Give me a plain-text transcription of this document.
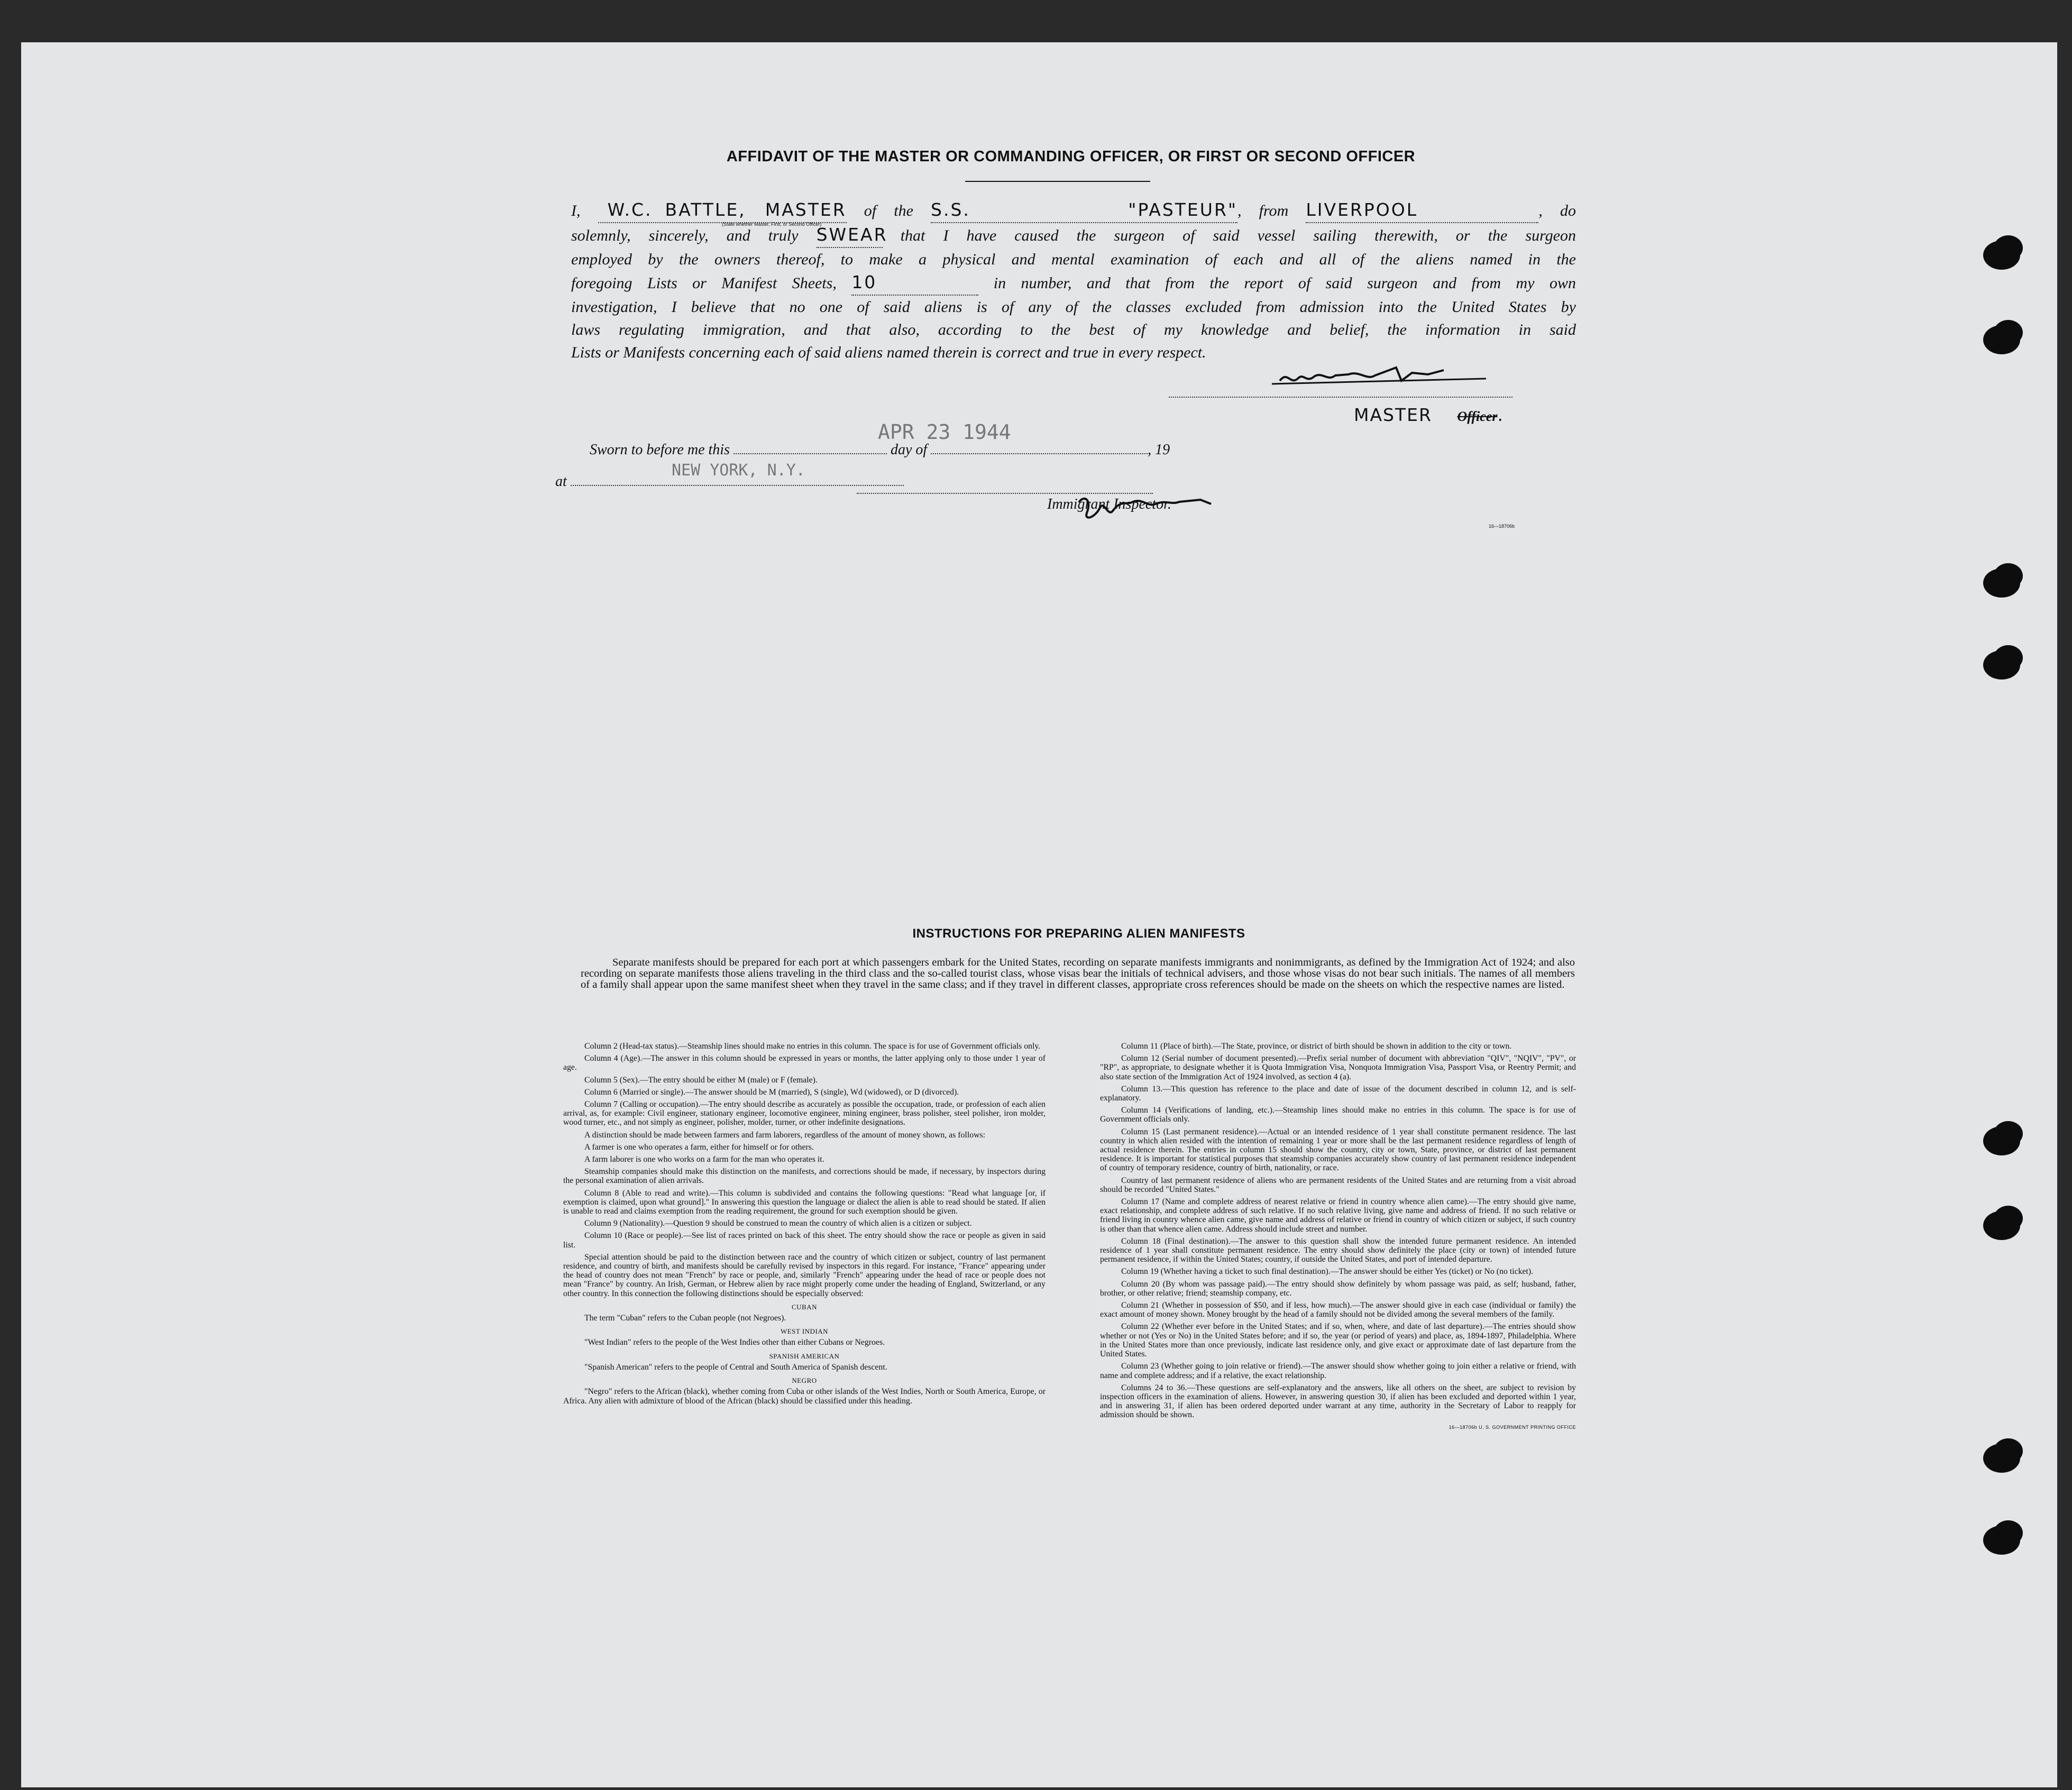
AFFIDAVIT OF THE MASTER OR COMMANDING OFFICER, OR FIRST OR SECOND OFFICER

I, W.C. BATTLE, MASTER of the S.S. "PASTEUR", from LIVERPOOL	, do

solemnly, sincerely, and truly SWEAR that I have caused the surgeon of said vessel sailing therewith, or the surgeon

employed by the owners thereof, to make a physical and mental examination of each and all of the aliens named in the

foregoing Lists or Manifest Sheets, 10	in number, and that from the report of said surgeon and from my own

investigation, I believe that no one of said aliens is of any of the classes excluded from admission into the United States by

laws regulating immigration, and that also, according to the best of my knowledge and belief, the information in said

Lists or Manifests concerning each of said aliens named therein is correct and true in every respect.

(State whether Master, First, or Second Officer)
MASTER Officer.
Sworn to before me this	day of	, 19
at
APR 23 1944
NEW YORK, N.Y.
Immigrant Inspector.
16—18706b
INSTRUCTIONS FOR PREPARING ALIEN MANIFESTS

Separate manifests should be prepared for each port at which passengers embark for the United States, recording on separate manifests immigrants and nonimmigrants, as defined by the Immigration Act of 1924; and also recording on separate manifests those aliens traveling in the third class and the so-called tourist class, whose visas bear the initials of technical advisers, and those whose visas do not bear such initials. The names of all members of a family shall appear upon the same manifest sheet when they travel in the same class; and if they travel in different classes, appropriate cross references should be made on the sheets on which the respective names are listed.

Column 2 (Head-tax status).—Steamship lines should make no entries in this column. The space is for use of Government officials only.

Column 4 (Age).—The answer in this column should be expressed in years or months, the latter applying only to those under 1 year of age.

Column 5 (Sex).—The entry should be either M (male) or F (female).

Column 6 (Married or single).—The answer should be M (married), S (single), Wd (widowed), or D (divorced).

Column 7 (Calling or occupation).—The entry should describe as accurately as possible the occupation, trade, or profession of each alien arrival, as, for example: Civil engineer, stationary engineer, locomotive engineer, mining engineer, brass polisher, steel polisher, iron molder, wood turner, etc., and not simply as engineer, polisher, molder, turner, or other indefinite designations.

A distinction should be made between farmers and farm laborers, regardless of the amount of money shown, as follows:

A farmer is one who operates a farm, either for himself or for others.

A farm laborer is one who works on a farm for the man who operates it.

Steamship companies should make this distinction on the manifests, and corrections should be made, if necessary, by inspectors during the personal examination of alien arrivals.

Column 8 (Able to read and write).—This column is subdivided and contains the following questions: "Read what language [or, if exemption is claimed, upon what ground]." In answering this question the language or dialect the alien is able to read should be stated. If alien is unable to read and claims exemption from the reading requirement, the ground for such exemption should be given.

Column 9 (Nationality).—Question 9 should be construed to mean the country of which alien is a citizen or subject.

Column 10 (Race or people).—See list of races printed on back of this sheet. The entry should show the race or people as given in said list.

Special attention should be paid to the distinction between race and the country of which citizen or subject, country of last permanent residence, and country of birth, and manifests should be carefully revised by inspectors in this regard. For instance, "France" appearing under the head of country does not mean "French" by race or people, and, similarly "French" appearing under the head of race or people does not mean "France" by country. An Irish, German, or Hebrew alien by race might properly come under the heading of England, Switzerland, or any other country. In this connection the following distinctions should be especially observed:

CUBAN

The term "Cuban" refers to the Cuban people (not Negroes).

WEST INDIAN

"West Indian" refers to the people of the West Indies other than either Cubans or Negroes.

SPANISH AMERICAN

"Spanish American" refers to the people of Central and South America of Spanish descent.

NEGRO

"Negro" refers to the African (black), whether coming from Cuba or other islands of the West Indies, North or South America, Europe, or Africa. Any alien with admixture of blood of the African (black) should be classified under this heading.

Column 11 (Place of birth).—The State, province, or district of birth should be shown in addition to the city or town.

Column 12 (Serial number of document presented).—Prefix serial number of document with abbreviation "QIV", "NQIV", "PV", or "RP", as appropriate, to designate whether it is Quota Immigration Visa, Nonquota Immigration Visa, Passport Visa, or Reentry Permit; and also state section of the Immigration Act of 1924 involved, as section 4 (a).

Column 13.—This question has reference to the place and date of issue of the document described in column 12, and is self-explanatory.

Column 14 (Verifications of landing, etc.).—Steamship lines should make no entries in this column. The space is for use of Government officials only.

Column 15 (Last permanent residence).—Actual or an intended residence of 1 year shall constitute permanent residence. The last country in which alien resided with the intention of remaining 1 year or more shall be the last permanent residence regardless of length of actual residence therein. The entries in column 15 should show the country, city or town, State, province, or district of last permanent residence. It is important for statistical purposes that steamship companies accurately show country of last permanent residence independent of country of temporary residence, country of birth, nationality, or race.

Country of last permanent residence of aliens who are permanent residents of the United States and are returning from a visit abroad should be recorded "United States."

Column 17 (Name and complete address of nearest relative or friend in country whence alien came).—The entry should give name, exact relationship, and complete address of such relative. If no such relative living, give name and address of friend. If no such relative or friend living in country whence alien came, give name and address of relative or friend in country of which citizen or subject, if such country is other than that whence alien came. Address should include street and number.

Column 18 (Final destination).—The answer to this question shall show the intended future permanent residence. An intended residence of 1 year shall constitute permanent residence. The entry should show definitely the place (city or town) of intended future permanent residence, if within the United States; country, if outside the United States, and port of intended departure.

Column 19 (Whether having a ticket to such final destination).—The answer should be either Yes (ticket) or No (no ticket).

Column 20 (By whom was passage paid).—The entry should show definitely by whom passage was paid, as self; husband, father, brother, or other relative; friend; steamship company, etc.

Column 21 (Whether in possession of $50, and if less, how much).—The answer should give in each case (individual or family) the exact amount of money shown. Money brought by the head of a family should not be divided among the several members of the family.

Column 22 (Whether ever before in the United States; and if so, when, where, and date of last departure).—The entries should show whether or not (Yes or No) in the United States before; and if so, the year (or period of years) and place, as, 1894-1897, Philadelphia. Where in the United States more than once previously, indicate last residence only, and give exact or approximate date of last departure from the United States.

Column 23 (Whether going to join relative or friend).—The answer should show whether going to join either a relative or friend, with name and complete address; and if a relative, the exact relationship.

Columns 24 to 36.—These questions are self-explanatory and the answers, like all others on the sheet, are subject to revision by inspection officers in the examination of aliens. However, in answering question 30, if alien has been excluded and deported within 1 year, and in answering 31, if alien has been ordered deported under warrant at any time, authority in the Secretary of Labor to reapply for admission should be shown.

16—18706b U. S. GOVERNMENT PRINTING OFFICE
